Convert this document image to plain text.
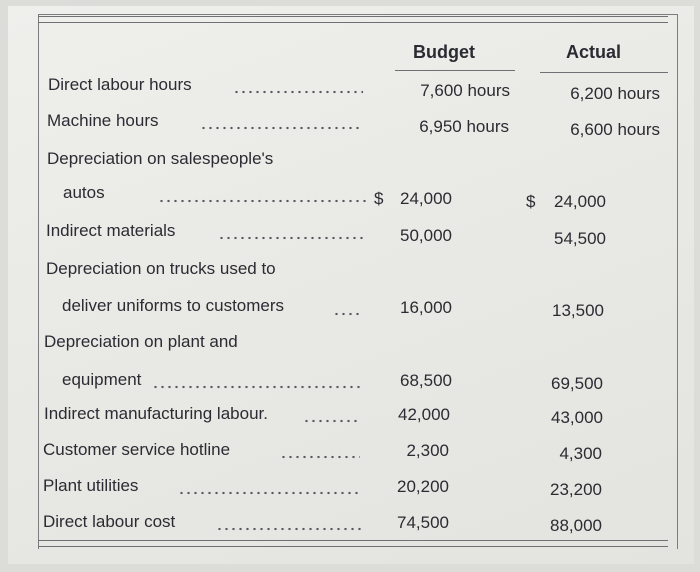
Budget	Actual
Direct labour hours	7,600 hours	6,200 hours
Machine hours	6,950 hours	6,600 hours
Depreciation on salespeople's
autos	$ 24,000	$	24,000
Indirect materials	50,000	54,500
Depreciation on trucks used to
deliver uniforms to customers	16,000	13,500
Depreciation on plant and
equipment	68,500	69,500
Indirect manufacturing labour.	42,000	43,000
Customer service hotline	2,300	4,300
Plant utilities	20,200	23,200
Direct labour cost	74,500	88,000
